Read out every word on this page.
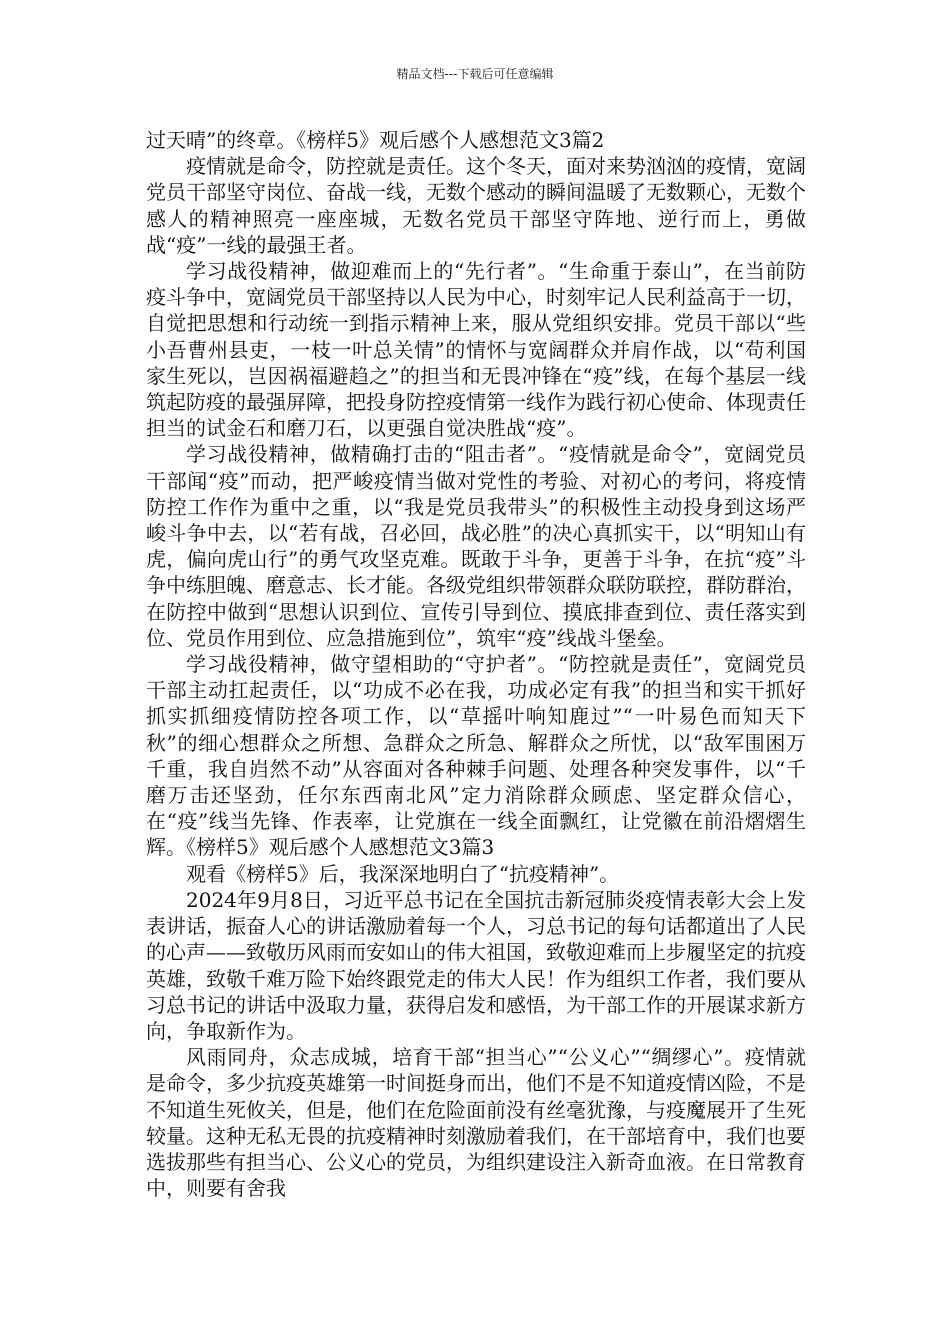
精品文档---下载后可任意编辑

过天晴”的终章。《榜样5》观后感个人感想范文3篇2

疫情就是命令，防控就是责任。这个冬天，面对来势汹汹的疫情，宽阔党员干部坚守岗位、奋战一线，无数个感动的瞬间温暖了无数颗心，无数个感人的精神照亮一座座城，无数名党员干部坚守阵地、逆行而上，勇做战“疫”一线的最强王者。

学习战役精神，做迎难而上的“先行者”。“生命重于泰山”，在当前防疫斗争中，宽阔党员干部坚持以人民为中心，时刻牢记人民利益高于一切，自觉把思想和行动统一到指示精神上来，服从党组织安排。党员干部以“些小吾曹州县吏，一枝一叶总关情”的情怀与宽阔群众并肩作战，以“苟利国家生死以，岂因祸福避趋之”的担当和无畏冲锋在“疫”线，在每个基层一线筑起防疫的最强屏障，把投身防控疫情第一线作为践行初心使命、体现责任担当的试金石和磨刀石，以更强自觉决胜战“疫”。

学习战役精神，做精确打击的“阻击者”。“疫情就是命令”，宽阔党员干部闻“疫”而动，把严峻疫情当做对党性的考验、对初心的考问，将疫情防控工作作为重中之重，以“我是党员我带头”的积极性主动投身到这场严峻斗争中去，以“若有战，召必回，战必胜”的决心真抓实干，以“明知山有虎，偏向虎山行”的勇气攻坚克难。既敢于斗争，更善于斗争，在抗“疫”斗争中练胆魄、磨意志、长才能。各级党组织带领群众联防联控，群防群治，在防控中做到“思想认识到位、宣传引导到位、摸底排查到位、责任落实到位、党员作用到位、应急措施到位”，筑牢“疫”线战斗堡垒。

学习战役精神，做守望相助的“守护者”。“防控就是责任”，宽阔党员干部主动扛起责任，以“功成不必在我，功成必定有我”的担当和实干抓好抓实抓细疫情防控各项工作，以“草摇叶响知鹿过”“一叶易色而知天下秋”的细心想群众之所想、急群众之所急、解群众之所忧，以“敌军围困万千重，我自岿然不动”从容面对各种棘手问题、处理各种突发事件，以“千磨万击还坚劲，任尔东西南北风”定力消除群众顾虑、坚定群众信心，在“疫”线当先锋、作表率，让党旗在一线全面飘红，让党徽在前沿熠熠生辉。《榜样5》观后感个人感想范文3篇3

观看《榜样5》后，我深深地明白了“抗疫精神”。

2024年9月8日，习近平总书记在全国抗击新冠肺炎疫情表彰大会上发表讲话，振奋人心的讲话激励着每一个人，习总书记的每句话都道出了人民的心声——致敬历风雨而安如山的伟大祖国，致敬迎难而上步履坚定的抗疫英雄，致敬千难万险下始终跟党走的伟大人民！作为组织工作者，我们要从习总书记的讲话中汲取力量，获得启发和感悟，为干部工作的开展谋求新方向，争取新作为。

风雨同舟，众志成城，培育干部“担当心”“公义心”“绸缪心”。疫情就是命令，多少抗疫英雄第一时间挺身而出，他们不是不知道疫情凶险，不是不知道生死攸关，但是，他们在危险面前没有丝毫犹豫，与疫魔展开了生死较量。这种无私无畏的抗疫精神时刻激励着我们，在干部培育中，我们也要选拔那些有担当心、公义心的党员，为组织建设注入新奇血液。在日常教育中，则要有舍我
